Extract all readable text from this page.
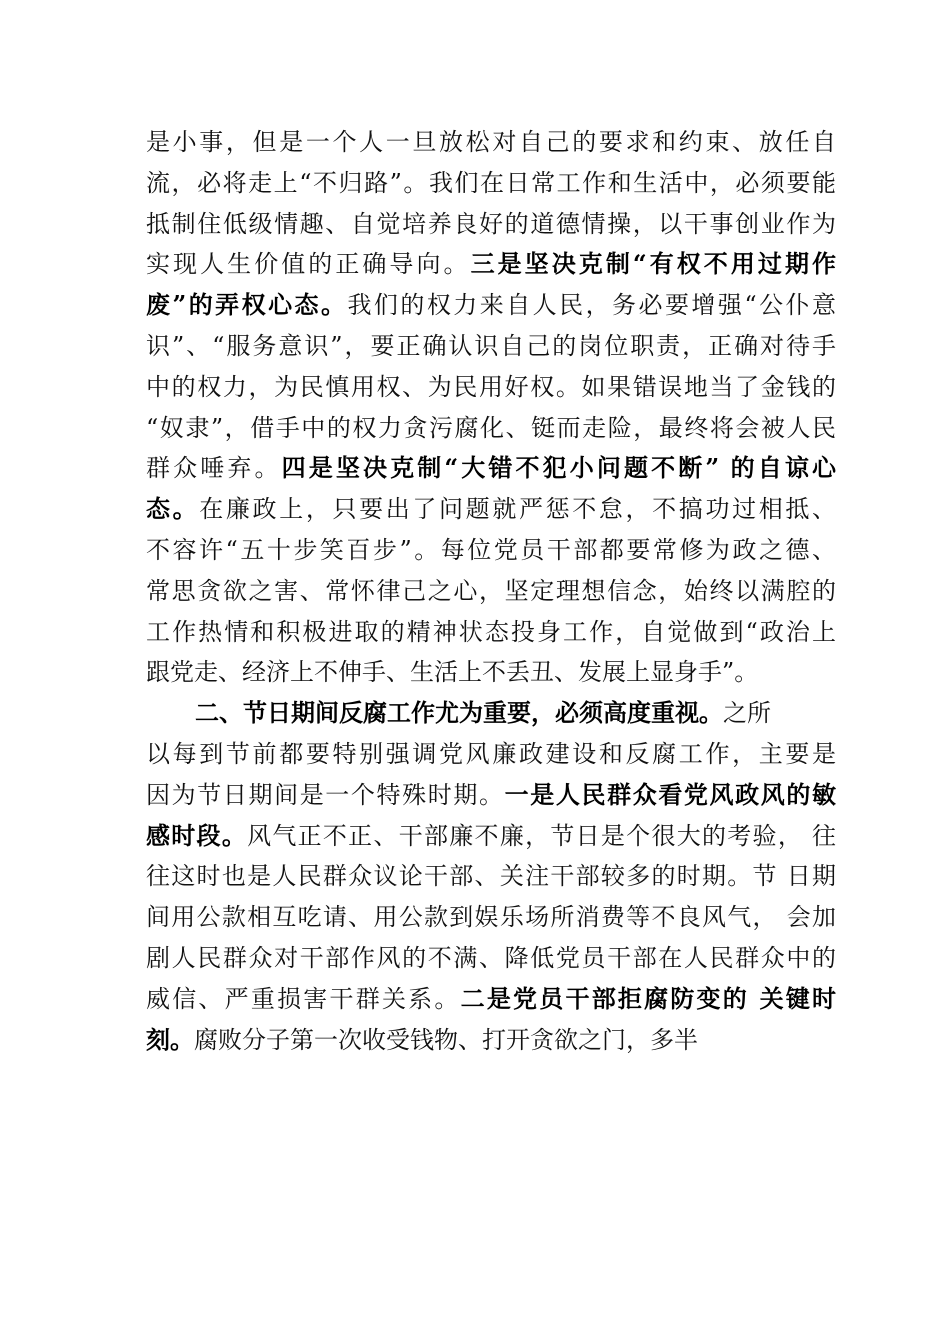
是小事，但是一个人一旦放松对自己的要求和约束、放任自
流，必将走上“不归路”。我们在日常工作和生活中，必须要能
抵制住低级情趣、自觉培养良好的道德情操，以干事创业作为
实现人生价值的正确导向。三是坚决克制“有权不用过期作
废”的弄权心态。我们的权力来自人民，务必要增强“公仆意
识”、“服务意识”，要正确认识自己的岗位职责，正确对待手
中的权力，为民慎用权、为民用好权。如果错误地当了金钱的
“奴隶”，借手中的权力贪污腐化、铤而走险，最终将会被人民
群众唾弃。四是坚决克制“大错不犯小问题不断” 的自谅心
态。在廉政上，只要出了问题就严惩不怠，不搞功过相抵、
不容许“五十步笑百步”。每位党员干部都要常修为政之德、
常思贪欲之害、常怀律己之心，坚定理想信念，始终以满腔的
工作热情和积极进取的精神状态投身工作，自觉做到“政治上
跟党走、经济上不伸手、生活上不丢丑、发展上显身手”。
二、节日期间反腐工作尤为重要，必须高度重视。之所
以每到节前都要特别强调党风廉政建设和反腐工作，主要是
因为节日期间是一个特殊时期。一是人民群众看党风政风的敏
感时段。风气正不正、干部廉不廉，节日是个很大的考验， 往
往这时也是人民群众议论干部、关注干部较多的时期。节 日期
间用公款相互吃请、用公款到娱乐场所消费等不良风气， 会加
剧人民群众对干部作风的不满、降低党员干部在人民群众中的
威信、严重损害干群关系。二是党员干部拒腐防变的 关键时
刻。腐败分子第一次收受钱物、打开贪欲之门，多半
